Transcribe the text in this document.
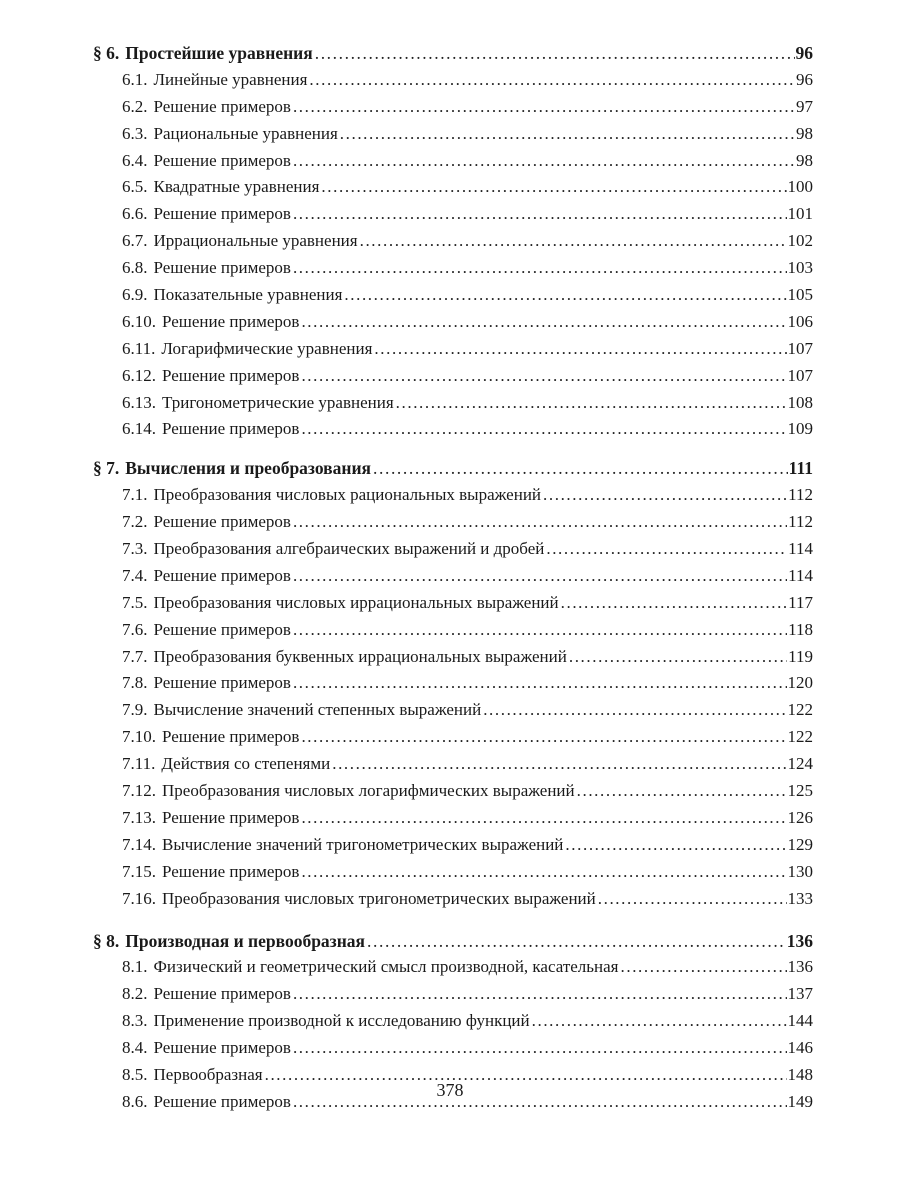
§ 6. Простейшие уравнения .....	96
6.1. Линейные уравнения .....	96
6.2. Решение примеров .....	97
6.3. Рациональные уравнения .....	98
6.4. Решение примеров .....	98
6.5. Квадратные уравнения .....	100
6.6. Решение примеров .....	101
6.7. Иррациональные уравнения .....	102
6.8. Решение примеров .....	103
6.9. Показательные уравнения .....	105
6.10. Решение примеров .....	106
6.11. Логарифмические уравнения .....	107
6.12. Решение примеров .....	107
6.13. Тригонометрические уравнения .....	108
6.14. Решение примеров .....	109
§ 7. Вычисления и преобразования .....	111
7.1. Преобразования числовых рациональных выражений .....	112
7.2. Решение примеров .....	112
7.3. Преобразования алгебраических выражений и дробей .....	114
7.4. Решение примеров .....	114
7.5. Преобразования числовых иррациональных выражений .....	117
7.6. Решение примеров .....	118
7.7. Преобразования буквенных иррациональных выражений .....	119
7.8. Решение примеров .....	120
7.9. Вычисление значений степенных выражений .....	122
7.10. Решение примеров .....	122
7.11. Действия со степенями .....	124
7.12. Преобразования числовых логарифмических выражений .....	125
7.13. Решение примеров .....	126
7.14. Вычисление значений тригонометрических выражений .....	129
7.15. Решение примеров .....	130
7.16. Преобразования числовых тригонометрических выражений .....	133
§ 8. Производная и первообразная .....	136
8.1. Физический и геометрический смысл производной, касательная .....	136
8.2. Решение примеров .....	137
8.3. Применение производной к исследованию функций .....	144
8.4. Решение примеров .....	146
8.5. Первообразная .....	148
8.6. Решение примеров .....	149
378
